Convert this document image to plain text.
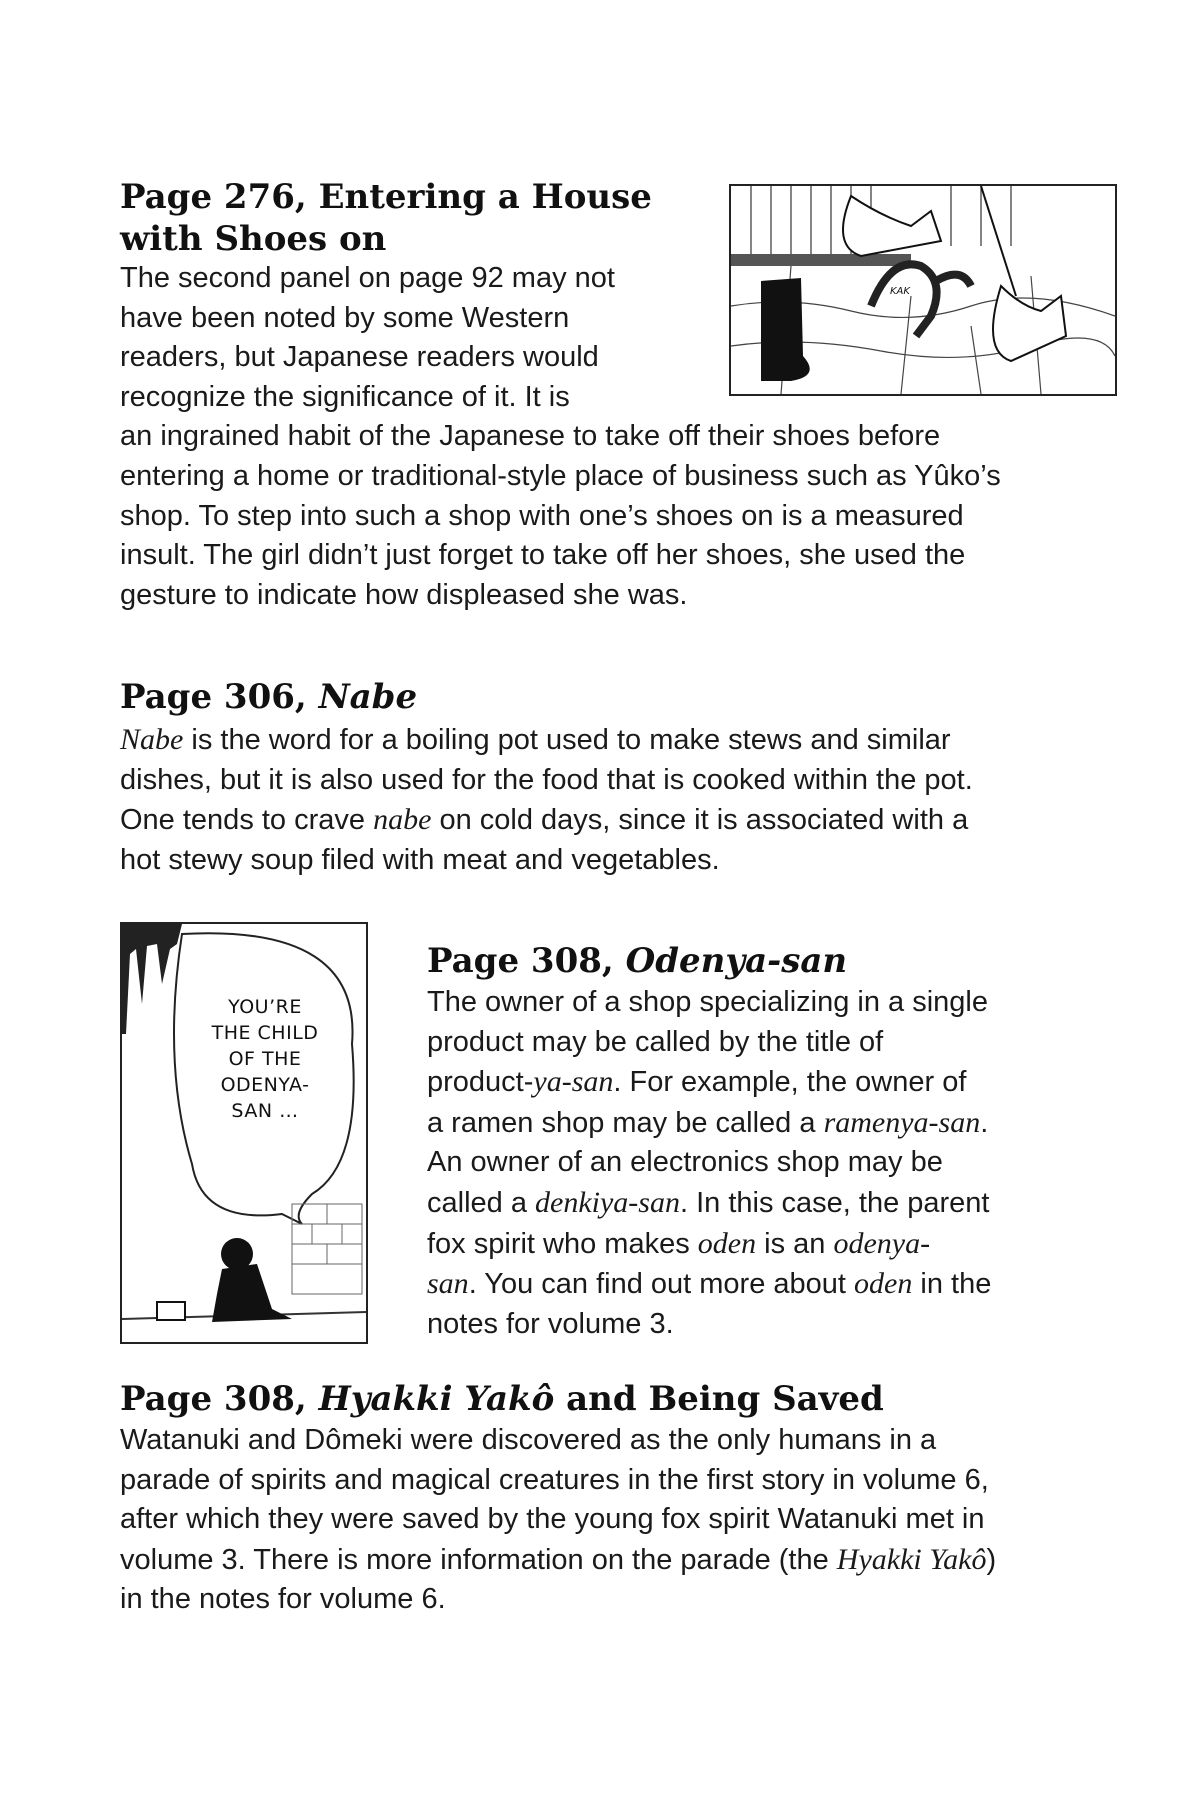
Page 276, Entering a House
with Shoes on

The second panel on page 92 may not
have been noted by some Western
readers, but Japanese readers would
recognize the significance of it. It is
an ingrained habit of the Japanese to take off their shoes before
entering a home or traditional-style place of business such as Yûko’s
shop. To step into such a shop with one’s shoes on is a measured
insult. The girl didn’t just forget to take off her shoes, she used the
gesture to indicate how displeased she was.

KAK
Page 306, Nabe

Nabe is the word for a boiling pot used to make stews and similar
dishes, but it is also used for the food that is cooked within the pot.
One tends to crave nabe on cold days, since it is associated with a
hot stewy soup filed with meat and vegetables.

YOU’RE
THE CHILD
OF THE
ODENYA-
SAN …
Page 308, Odenya-san

The owner of a shop specializing in a single
product may be called by the title of
product-ya-san. For example, the owner of
a ramen shop may be called a ramenya-san.
An owner of an electronics shop may be
called a denkiya-san. In this case, the parent
fox spirit who makes oden is an odenya-
san. You can find out more about oden in the
notes for volume 3.

Page 308, Hyakki Yakô and Being Saved

Watanuki and Dômeki were discovered as the only humans in a
parade of spirits and magical creatures in the first story in volume 6,
after which they were saved by the young fox spirit Watanuki met in
volume 3. There is more information on the parade (the Hyakki Yakô)
in the notes for volume 6.
